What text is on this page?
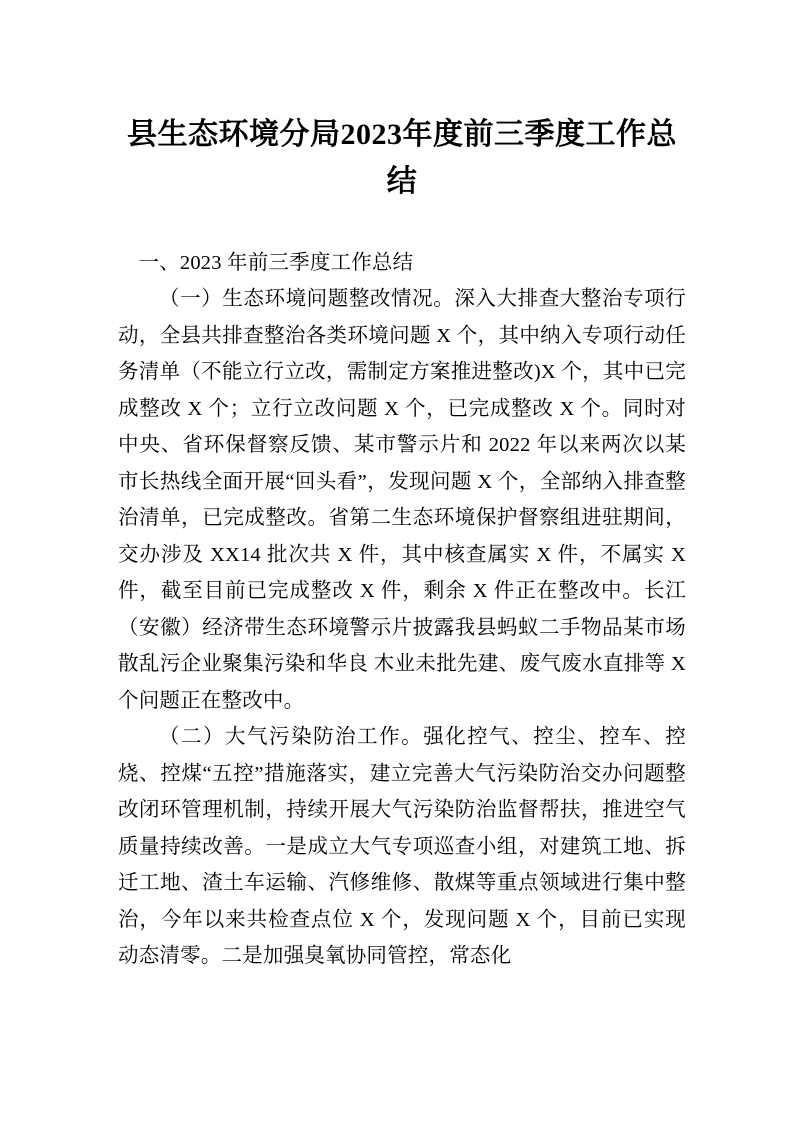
县生态环境分局2023年度前三季度工作总结

一、2023 年前三季度工作总结

（一）生态环境问题整改情况。深入大排查大整治专项行动，全县共排查整治各类环境问题 X 个，其中纳入专项行动任务清单（不能立行立改，需制定方案推进整改)X 个，其中已完成整改 X 个；立行立改问题 X 个，已完成整改 X 个。同时对中央、省环保督察反馈、某市警示片和 2022 年以来两次以某市长热线全面开展“回头看”，发现问题 X 个，全部纳入排查整治清单，已完成整改。省第二生态环境保护督察组进驻期间，交办涉及 XX14 批次共 X 件，其中核查属实 X 件，不属实 X 件，截至目前已完成整改 X 件，剩余 X 件正在整改中。长江（安徽）经济带生态环境警示片披露我县蚂蚁二手物品某市场散乱污企业聚集污染和华良 木业未批先建、废气废水直排等 X 个问题正在整改中。

（二）大气污染防治工作。强化控气、控尘、控车、控烧、控煤“五控”措施落实，建立完善大气污染防治交办问题整改闭环管理机制，持续开展大气污染防治监督帮扶，推进空气质量持续改善。一是成立大气专项巡查小组，对建筑工地、拆迁工地、渣土车运输、汽修维修、散煤等重点领域进行集中整治，今年以来共检查点位 X 个，发现问题 X 个，目前已实现动态清零。二是加强臭氧协同管控，常态化
